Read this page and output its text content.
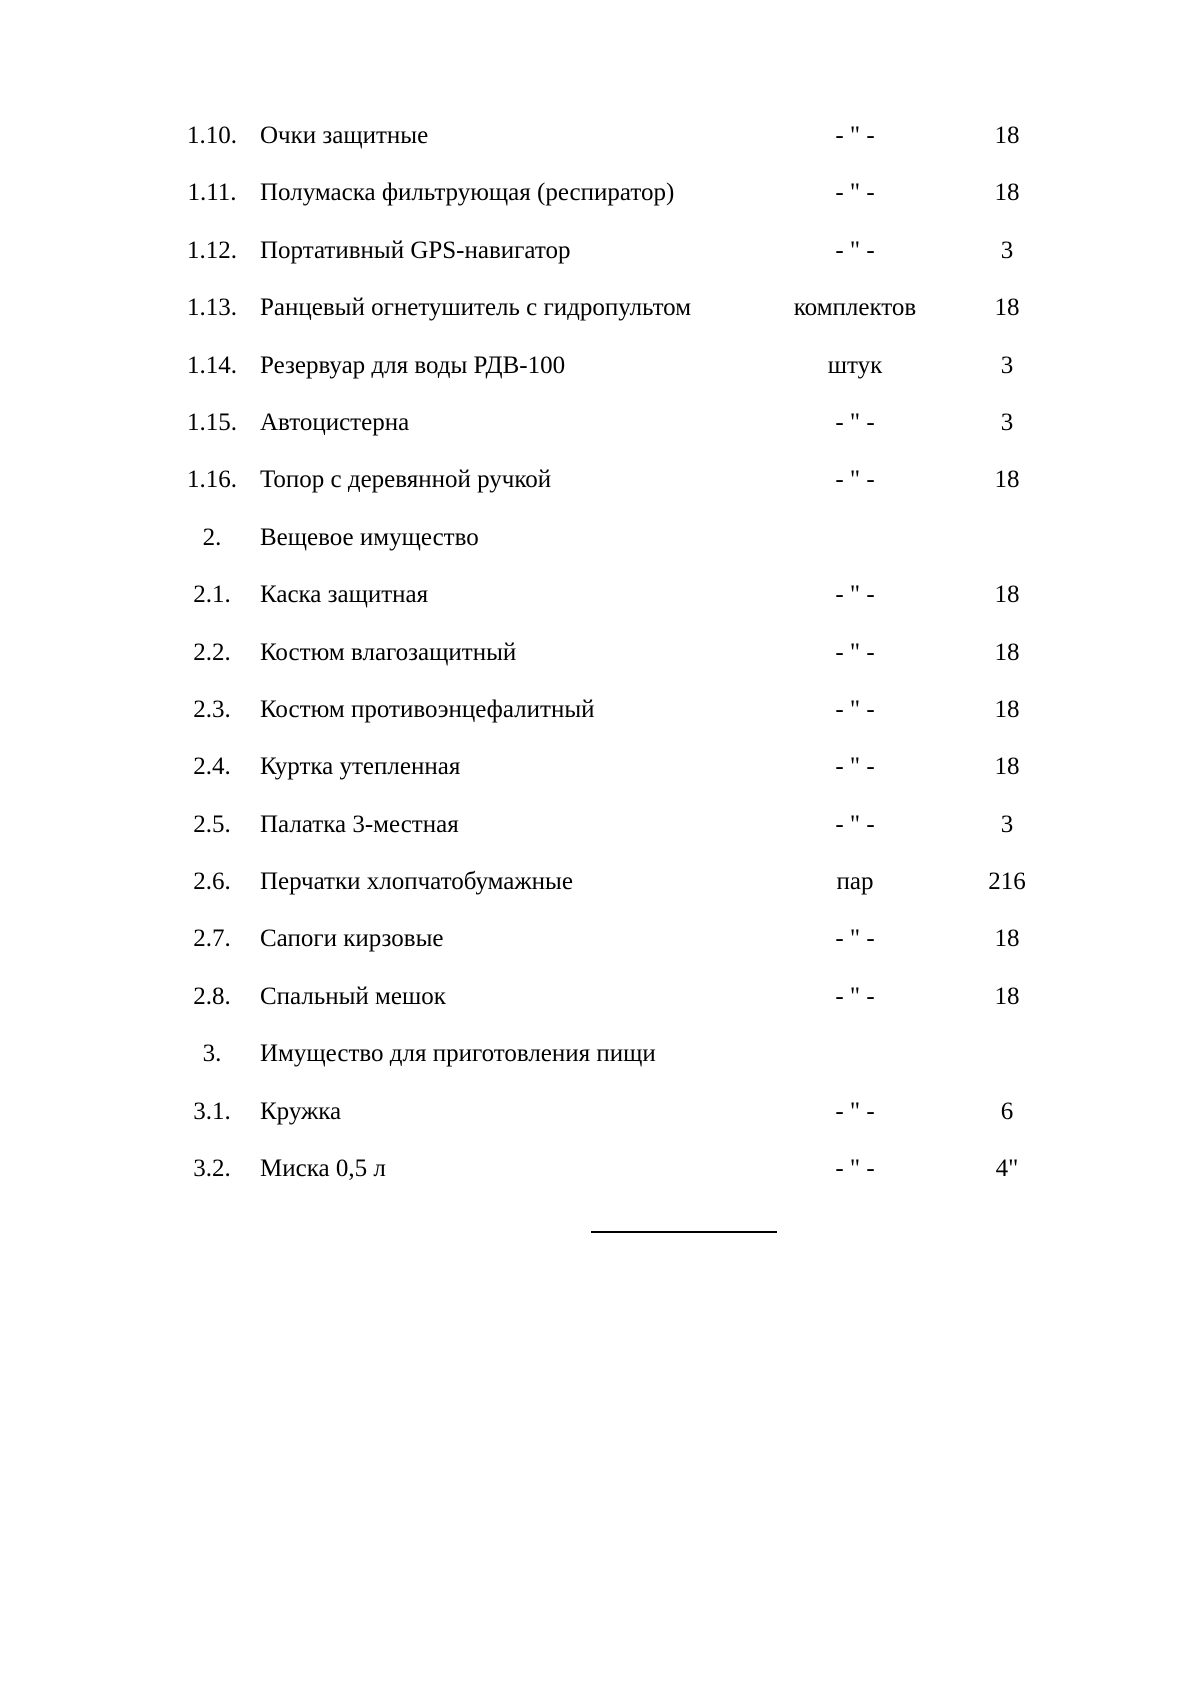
1.10. Очки защитные	- " -	18
1.11. Полумаска фильтрующая (респиратор)	- " -	18
1.12. Портативный GPS-навигатор	- " -	3
1.13. Ранцевый огнетушитель с гидропультом	комплектов	18
1.14. Резервуар для воды РДВ-100	штук	3
1.15. Автоцистерна	- " -	3
1.16. Топор с деревянной ручкой	- " -	18
2.	Вещевое имущество
2.1.	Каска защитная	- " -	18
2.2.	Костюм влагозащитный	- " -	18
2.3.	Костюм противоэнцефалитный	- " -	18
2.4.	Куртка утепленная	- " -	18
2.5.	Палатка 3-местная	- " -	3
2.6.	Перчатки хлопчатобумажные	пар	216
2.7.	Сапоги кирзовые	- " -	18
2.8.	Спальный мешок	- " -	18
3.	Имущество для приготовления пищи
3.1.	Кружка	- " -	6
3.2.	Миска 0,5 л	- " -	4"
